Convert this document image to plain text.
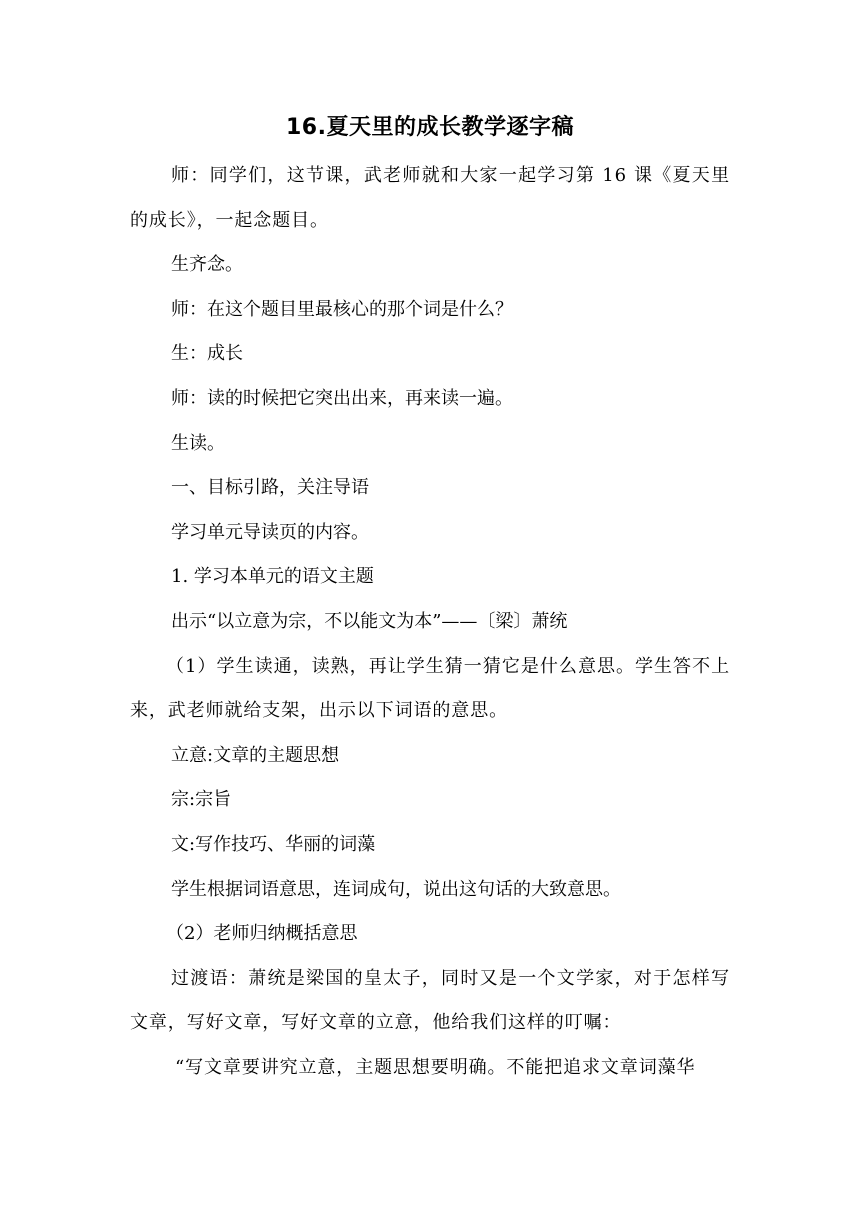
16.夏天里的成长教学逐字稿

师：同学们，这节课，武老师就和大家一起学习第 16 课《夏天里的成长》，一起念题目。

生齐念。

师：在这个题目里最核心的那个词是什么？

生：成长

师：读的时候把它突出出来，再来读一遍。

生读。

一、目标引路，关注导语

学习单元导读页的内容。

1. 学习本单元的语文主题

出示“以立意为宗，不以能文为本”——〔梁〕萧统

（1）学生读通，读熟，再让学生猜一猜它是什么意思。学生答不上来，武老师就给支架，出示以下词语的意思。

立意:文章的主题思想

宗:宗旨

文:写作技巧、华丽的词藻

学生根据词语意思，连词成句，说出这句话的大致意思。

（2）老师归纳概括意思

过渡语：萧统是梁国的皇太子，同时又是一个文学家，对于怎样写文章，写好文章，写好文章的立意，他给我们这样的叮嘱：

“写文章要讲究立意，主题思想要明确。不能把追求文章词藻华
